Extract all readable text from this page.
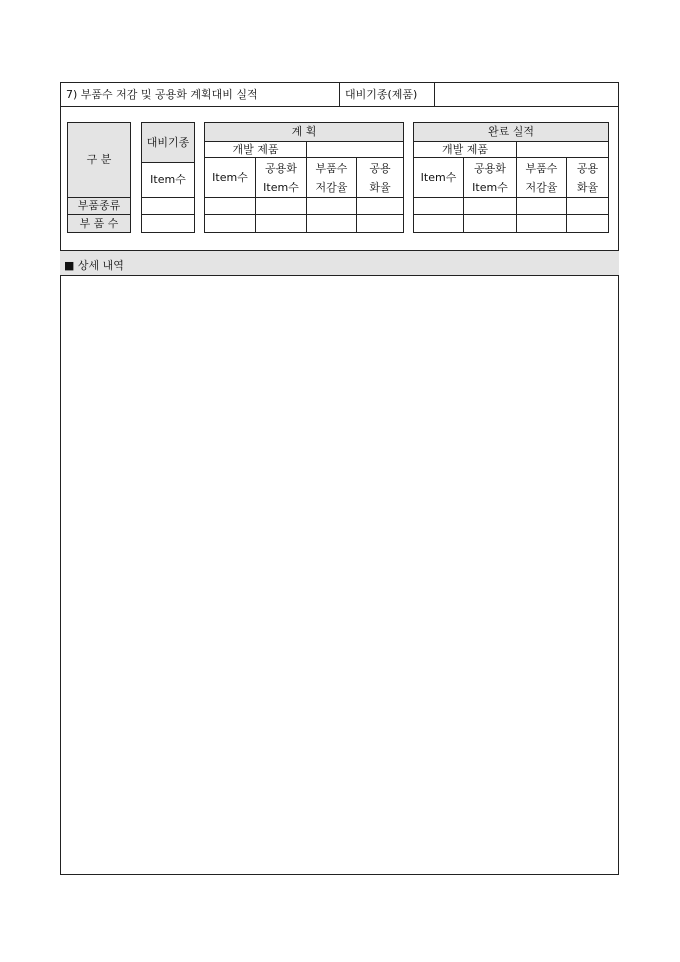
7) 부품수 저감 및 공용화 계획대비 실적	대비기종(제품)
구 분
부품종류
부 품 수
대비기종
Item수
계 획
개발 제품
Item수
공용화
Item수
부품수
저감율
공용
화율
완료 실적
개발 제품
Item수
공용화
Item수
부품수
저감율
공용
화율
■ 상세 내역
